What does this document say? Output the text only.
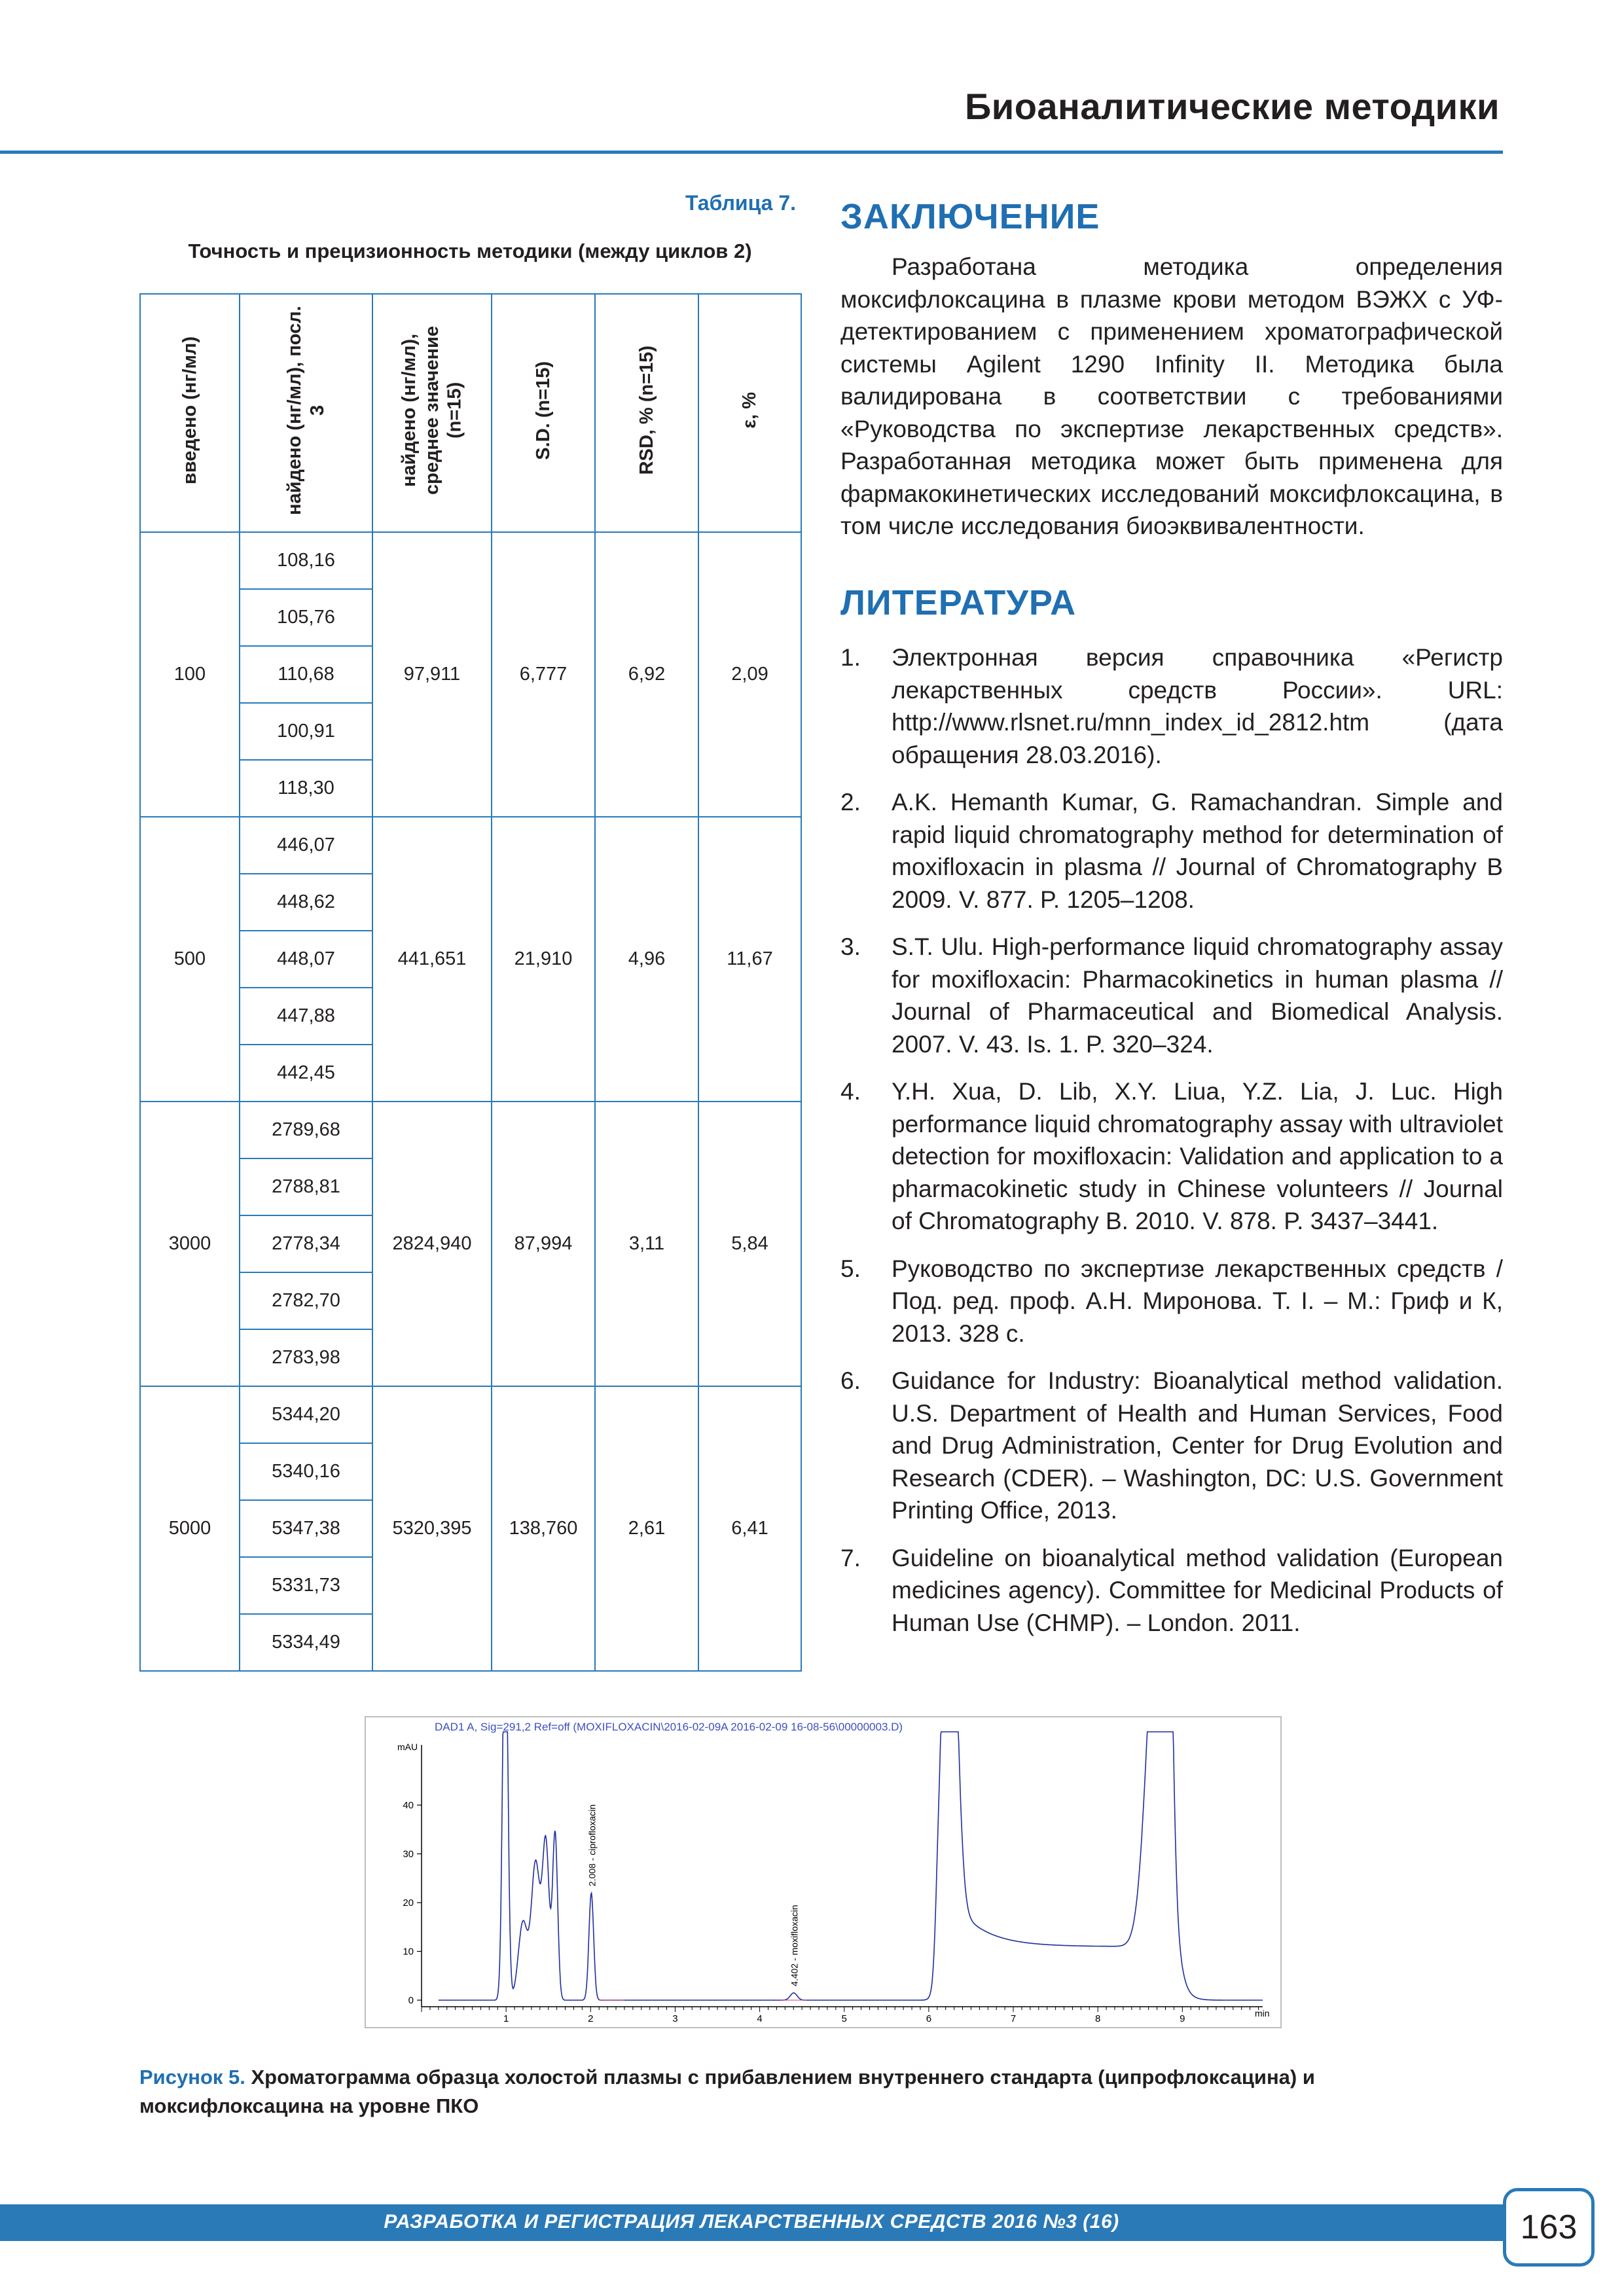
Биоаналитические методики
Таблица 7.
Точность и прецизионность методики (между циклов 2)
введено (нг/мл)	найдено (нг/мл), посл. 3	найдено (нг/мл), среднее значение (n=15)	S.D. (n=15)	RSD, % (n=15)	ε, %
100	108,16	97,911	6,777	6,92	2,09
	105,76				
	110,68				
	100,91				
	118,30				
500	446,07	441,651	21,910	4,96	11,67
	448,62				
	448,07				
	447,88				
	442,45				
3000	2789,68	2824,940	87,994	3,11	5,84
	2788,81				
	2778,34				
	2782,70				
	2783,98				
5000	5344,20	5320,395	138,760	2,61	6,41
	5340,16				
	5347,38				
	5331,73				
	5334,49				
ЗАКЛЮЧЕНИЕ
Разработана методика определения моксифлоксацина в плазме крови методом ВЭЖХ с УФ-детектированием с применением хроматографической системы Agilent 1290 Infinity II. Методика была валидирована в соответствии с требованиями «Руководства по экспертизе лекарственных средств». Разработанная методика может быть применена для фармакокинетических исследований моксифлоксацина, в том числе исследования биоэквивалентности.
ЛИТЕРАТУРА
1. Электронная версия справочника «Регистр лекарственных средств России». URL: http://www.rlsnet.ru/mnn_index_id_2812.htm (дата обращения 28.03.2016).
2. A.K. Hemanth Kumar, G. Ramachandran. Simple and rapid liquid chromatography method for determination of moxifloxacin in plasma // Journal of Chromatography B 2009. V. 877. P. 1205–1208.
3. S.T. Ulu. High-performance liquid chromatography assay for moxifloxacin: Pharmacokinetics in human plasma // Journal of Pharmaceutical and Biomedical Analysis. 2007. V. 43. Is. 1. P. 320–324.
4. Y.H. Xua, D. Lib, X.Y. Liua, Y.Z. Lia, J. Luc. High performance liquid chromatography assay with ultraviolet detection for moxifloxacin: Validation and application to a pharmacokinetic study in Chinese volunteers // Journal of Chromatography B. 2010. V. 878. P. 3437–3441.
5. Руководство по экспертизе лекарственных средств / Под. ред. проф. А.Н. Миронова. Т. I. – М.: Гриф и К, 2013. 328 с.
6. Guidance for Industry: Bioanalytical method validation. U.S. Department of Health and Human Services, Food and Drug Administration, Center for Drug Evolution and Research (CDER). – Washington, DC: U.S. Government Printing Office, 2013.
7. Guideline on bioanalytical method validation (European medicines agency). Committee for Medicinal Products of Human Use (CHMP). – London. 2011.
DAD1 A, Sig=291,2 Ref=off (MOXIFLOXACIN\2016-02-09A 2016-02-09 16-08-56\00000003.D)
mAU
min
0
10
20
30
40
1	2	3	4	5	6	7	8	9
2.008 - ciprofloxacin
4.402 - moxifloxacin
Рисунок 5. Хроматограмма образца холостой плазмы с прибавлением внутреннего стандарта (ципрофлоксацина) и моксифлоксацина на уровне ПКО
РАЗРАБОТКА И РЕГИСТРАЦИЯ ЛЕКАРСТВЕННЫХ СРЕДСТВ 2016 №3 (16)	163
